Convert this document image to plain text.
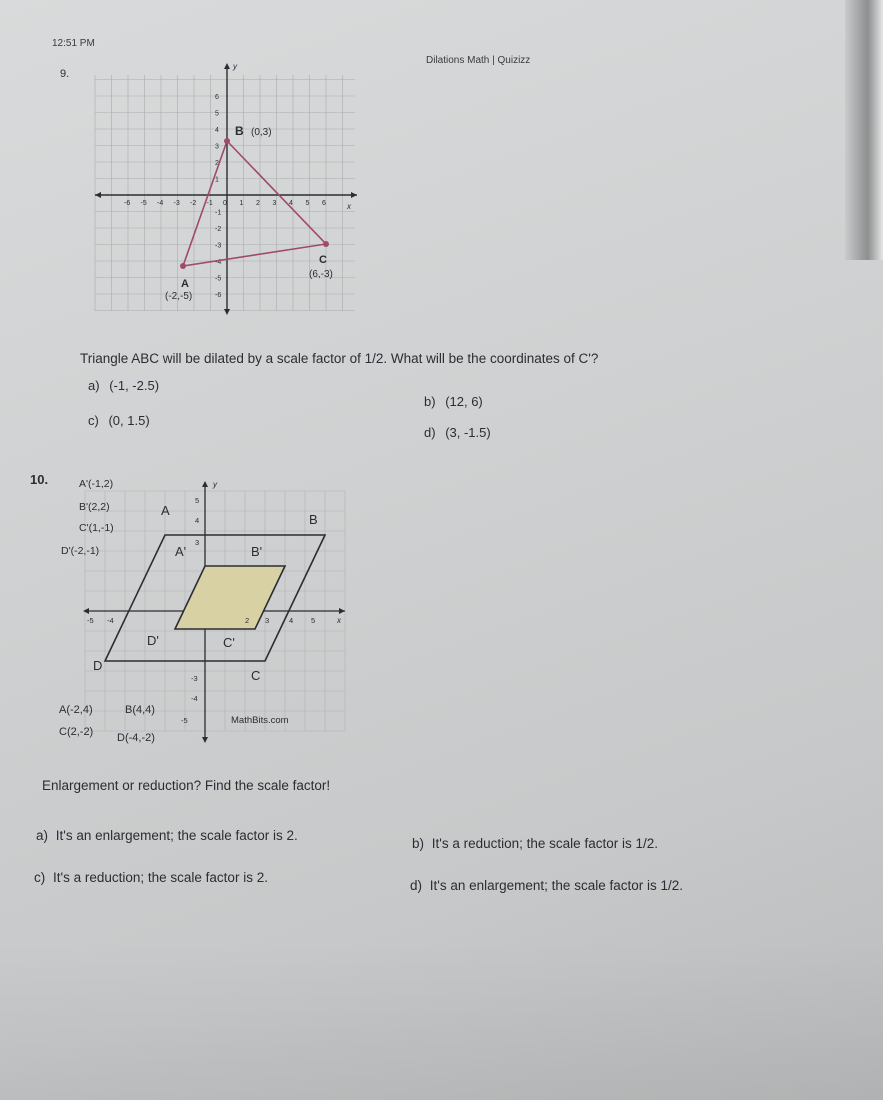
12:51 PM
Dilations Math | Quizizz
9.
y
x
-6 -5 -4 -3 -2 -1 0 1 2 3 4 5 6
6
5
4
3
2
1
-1
-2
-3
-4
-5
-6
B (0,3)
C
(6,-3)
A
(-2,-5)
Triangle ABC will be dilated by a scale factor of 1/2. What will be the coordinates of C'?
a) (-1, -2.5)
b) (12, 6)
c) (0, 1.5)
d) (3, -1.5)
10.	A'(-1,2)
B'(2,2)
C'(1,-1)
D'(-2,-1)
A
B
C
D
A'	B'
C'
D'
y
x
5
4
3
-3
-4
-5
-5 -4	2 3	4 5
MathBits.com
A(-2,4)	B(4,4)
C(2,-2) D(-4,-2)
Enlargement or reduction? Find the scale factor!
a) It's an enlargement; the scale factor is 2.
b) It's a reduction; the scale factor is 1/2.
c) It's a reduction; the scale factor is 2.
d) It's an enlargement; the scale factor is 1/2.
